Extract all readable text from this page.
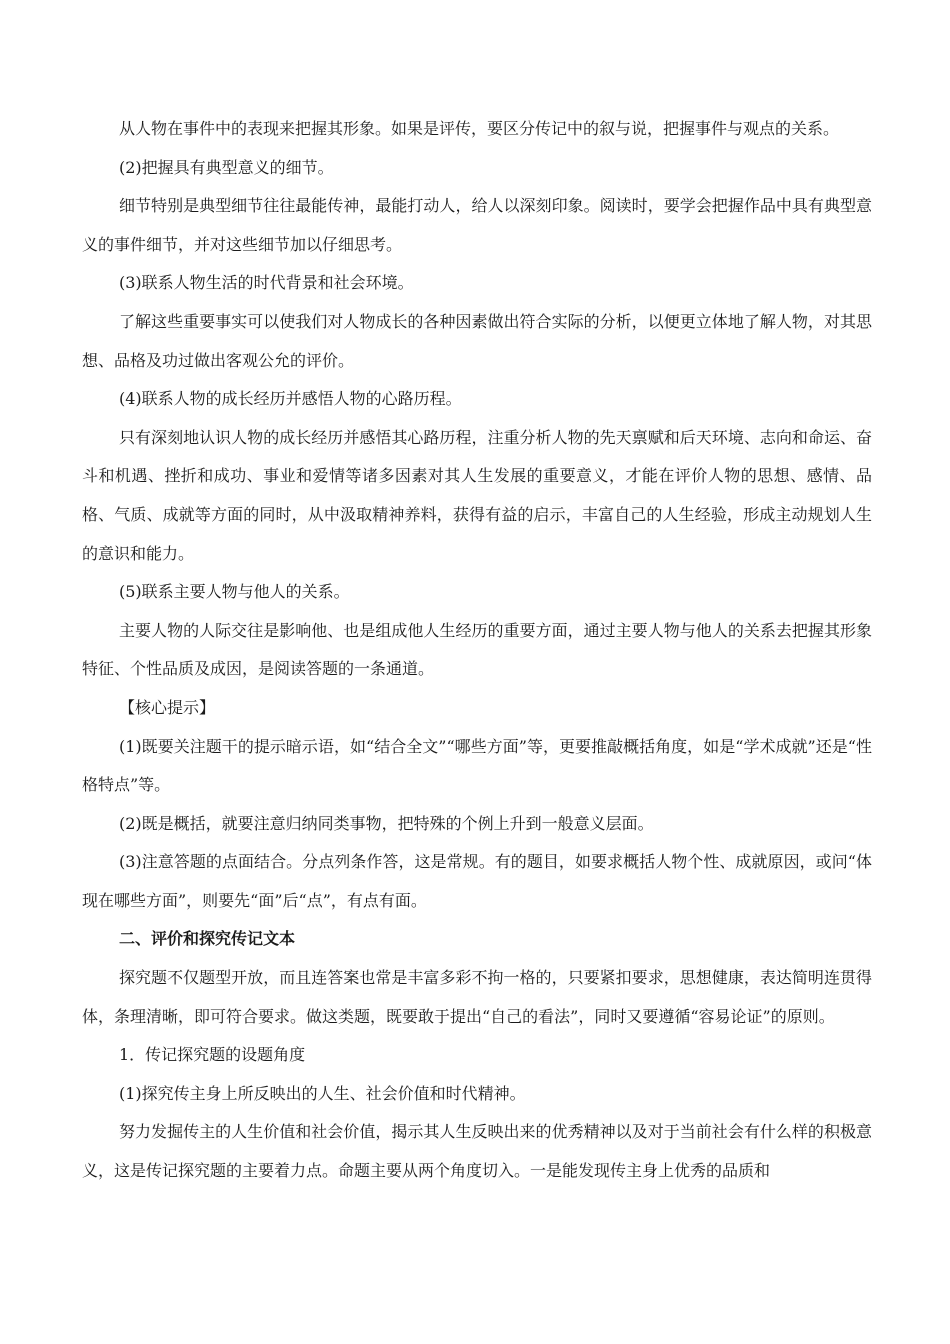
从人物在事件中的表现来把握其形象。如果是评传，要区分传记中的叙与说，把握事件与观点的关系。

(2)把握具有典型意义的细节。

细节特别是典型细节往往最能传神，最能打动人，给人以深刻印象。阅读时，要学会把握作品中具有典型意义的事件细节，并对这些细节加以仔细思考。

(3)联系人物生活的时代背景和社会环境。

了解这些重要事实可以使我们对人物成长的各种因素做出符合实际的分析，以便更立体地了解人物，对其思想、品格及功过做出客观公允的评价。

(4)联系人物的成长经历并感悟人物的心路历程。

只有深刻地认识人物的成长经历并感悟其心路历程，注重分析人物的先天禀赋和后天环境、志向和命运、奋斗和机遇、挫折和成功、事业和爱情等诸多因素对其人生发展的重要意义，才能在评价人物的思想、感情、品格、气质、成就等方面的同时，从中汲取精神养料，获得有益的启示，丰富自己的人生经验，形成主动规划人生的意识和能力。

(5)联系主要人物与他人的关系。

主要人物的人际交往是影响他、也是组成他人生经历的重要方面，通过主要人物与他人的关系去把握其形象特征、个性品质及成因，是阅读答题的一条通道。

【核心提示】

(1)既要关注题干的提示暗示语，如“结合全文”“哪些方面”等，更要推敲概括角度，如是“学术成就”还是“性格特点”等。

(2)既是概括，就要注意归纳同类事物，把特殊的个例上升到一般意义层面。

(3)注意答题的点面结合。分点列条作答，这是常规。有的题目，如要求概括人物个性、成就原因，或问“体现在哪些方面”，则要先“面”后“点”，有点有面。

二、评价和探究传记文本

探究题不仅题型开放，而且连答案也常是丰富多彩不拘一格的，只要紧扣要求，思想健康，表达简明连贯得体，条理清晰，即可符合要求。做这类题，既要敢于提出“自己的看法”，同时又要遵循“容易论证”的原则。

1．传记探究题的设题角度

(1)探究传主身上所反映出的人生、社会价值和时代精神。

努力发掘传主的人生价值和社会价值，揭示其人生反映出来的优秀精神以及对于当前社会有什么样的积极意义，这是传记探究题的主要着力点。命题主要从两个角度切入。一是能发现传主身上优秀的品质和
